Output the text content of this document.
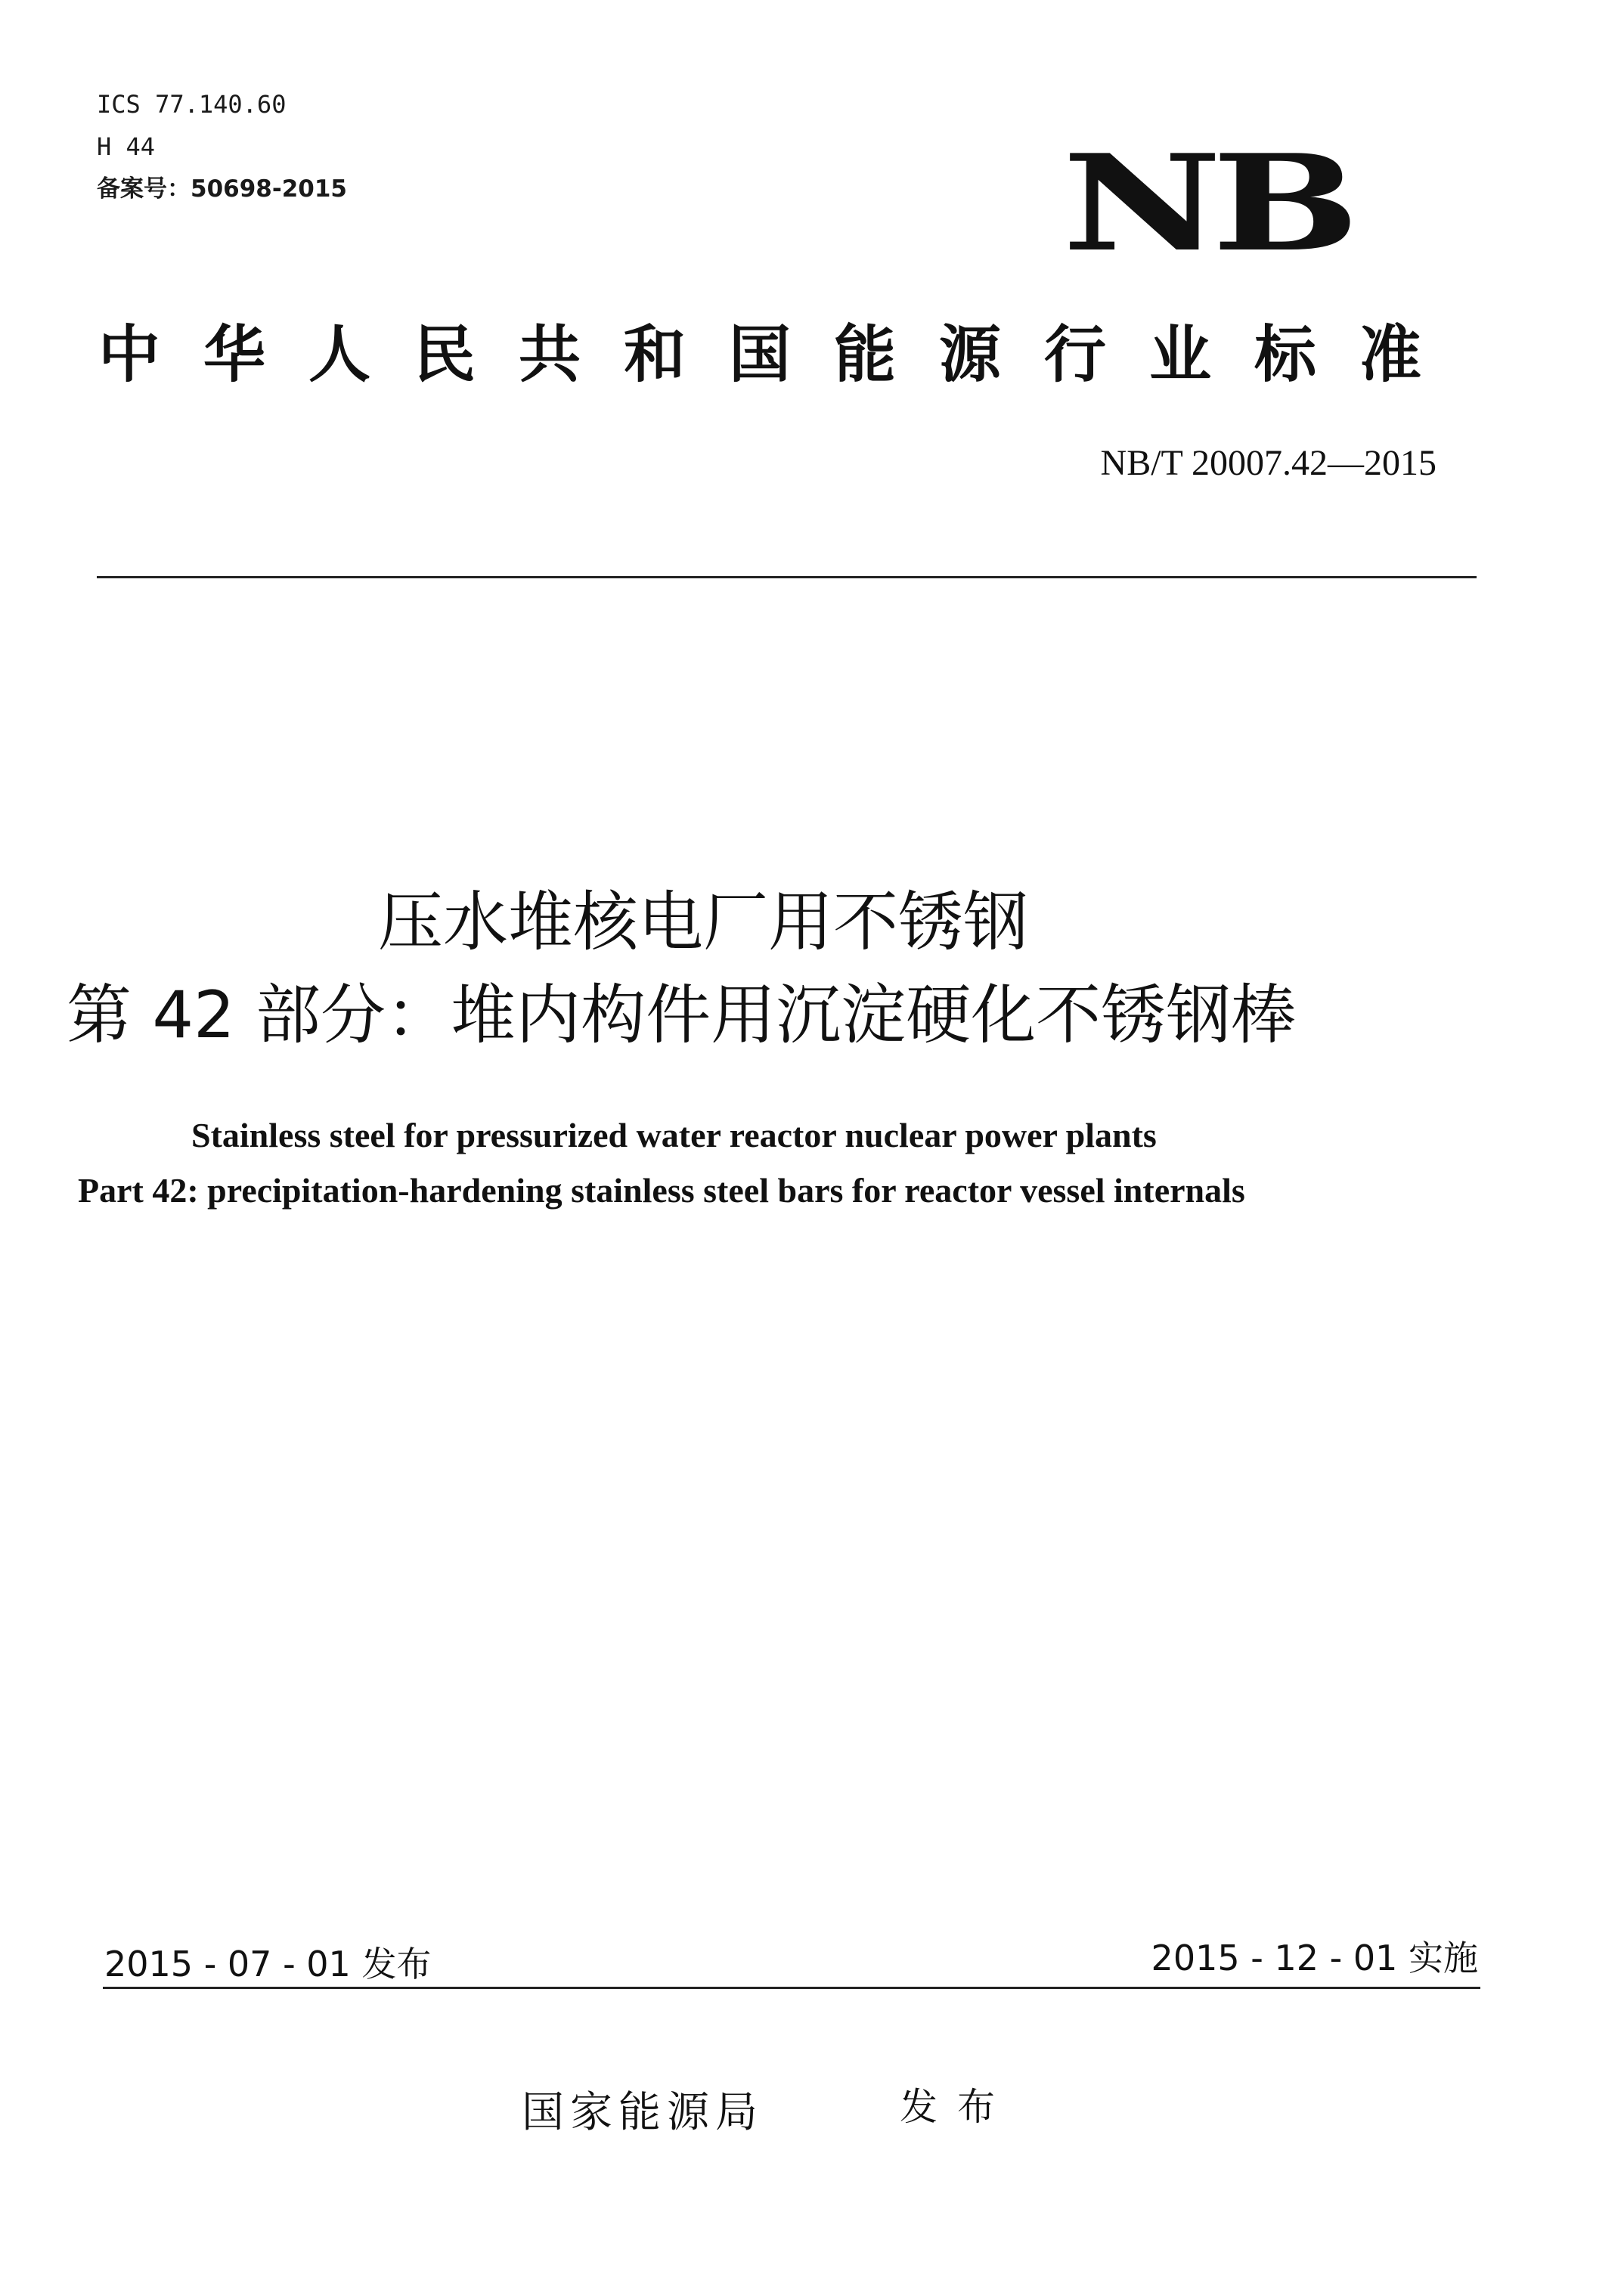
ICS 77.140.60
H 44
备案号：50698-2015	NB
中华人民共和国能源行业标准
NB/T 20007.42—2015
压水堆核电厂用不锈钢
第 42 部分：堆内构件用沉淀硬化不锈钢棒
Stainless steel for pressurized water reactor nuclear power plants
Part 42: precipitation-hardening stainless steel bars for reactor vessel internals
2015 - 07 - 01 发布	2015 - 12 - 01 实施
国家能源局	发布
